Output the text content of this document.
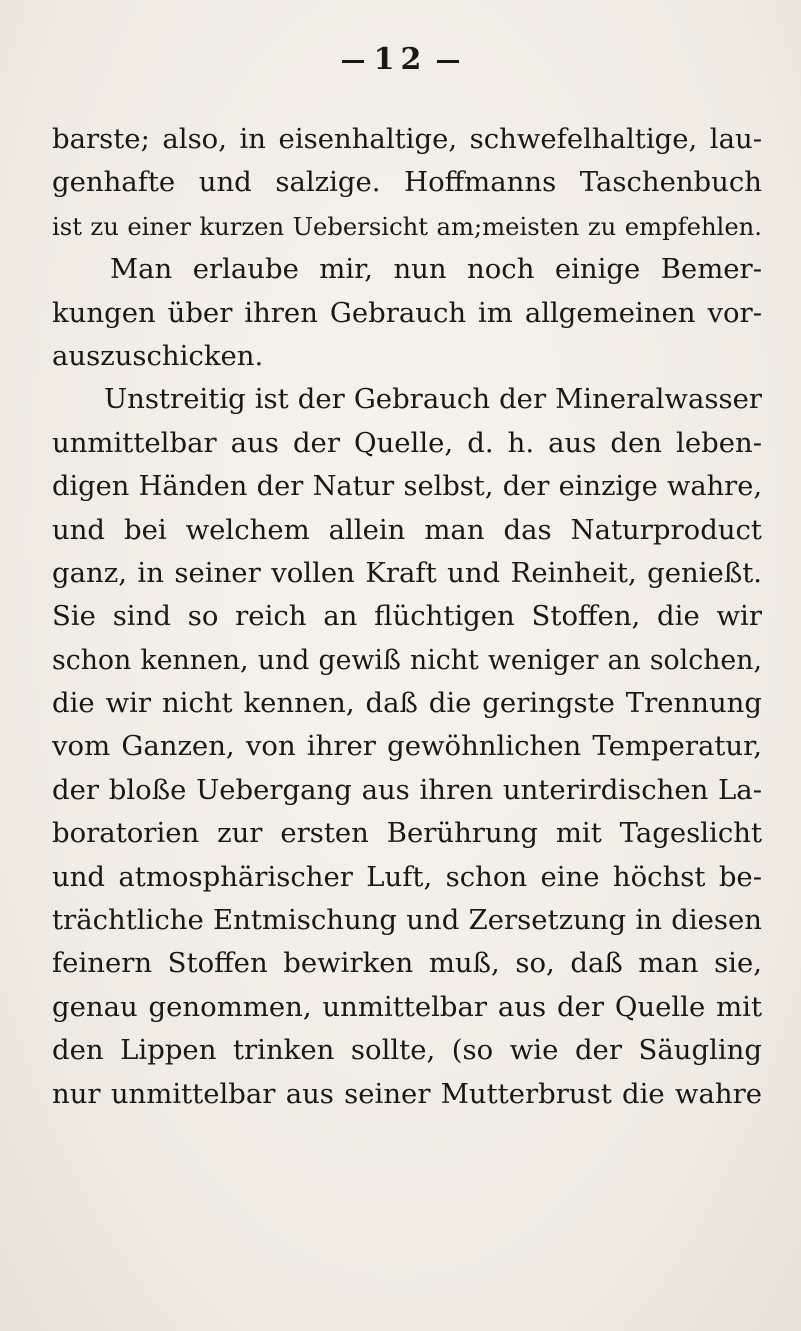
12
barste; also, in eisenhaltige, schwefelhaltige, lau-
genhafte und salzige. Hoffmanns Taschenbuch
ist zu einer kurzen Uebersicht am;meisten zu empfehlen.
Man erlaube mir, nun noch einige Bemer-
kungen über ihren Gebrauch im allgemeinen vor-
auszuschicken.
Unstreitig ist der Gebrauch der Mineralwasser
unmittelbar aus der Quelle, d. h. aus den leben-
digen Händen der Natur selbst, der einzige wahre,
und bei welchem allein man das Naturproduct
ganz, in seiner vollen Kraft und Reinheit, genießt.
Sie sind so reich an flüchtigen Stoffen, die wir
schon kennen, und gewiß nicht weniger an solchen,
die wir nicht kennen, daß die geringste Trennung
vom Ganzen, von ihrer gewöhnlichen Temperatur,
der bloße Uebergang aus ihren unterirdischen La-
boratorien zur ersten Berührung mit Tageslicht
und atmosphärischer Luft, schon eine höchst be-
trächtliche Entmischung und Zersetzung in diesen
feinern Stoffen bewirken muß, so, daß man sie,
genau genommen, unmittelbar aus der Quelle mit
den Lippen trinken sollte, (so wie der Säugling
nur unmittelbar aus seiner Mutterbrust die wahre
